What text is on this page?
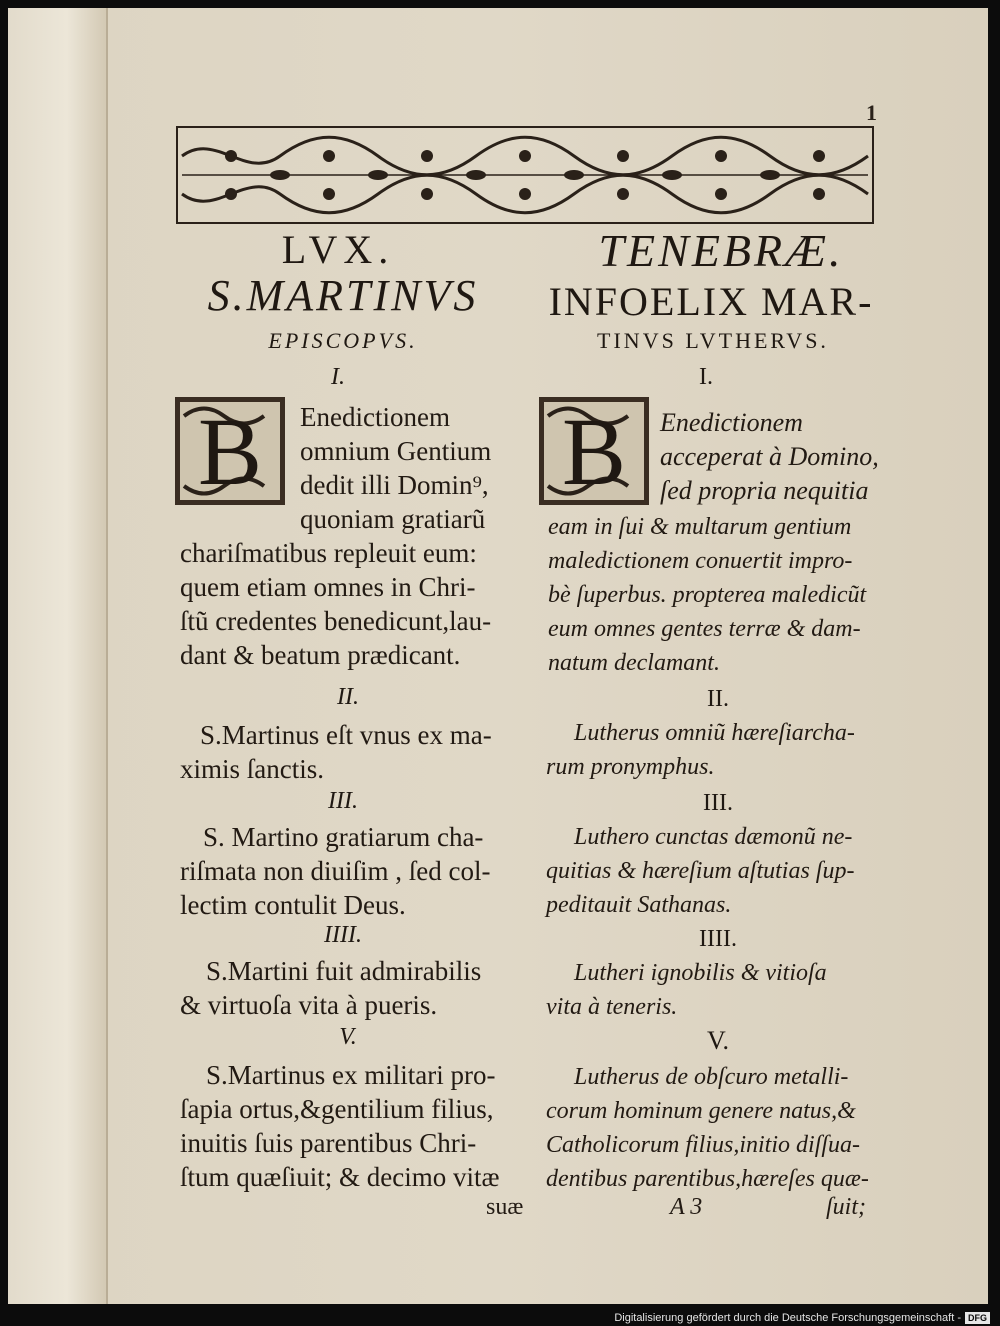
1
LVX.
S.MARTINVS
EPISCOPVS.
I.
B Enedictionem
omnium Gentium
dedit illi Domin⁹,
quoniam gratiarũ
chariſmatibus repleuit eum:
quem etiam omnes in Chri-
ſtũ credentes benedicunt,lau-
dant & beatum prædicant.
II.
S.Martinus eſt vnus ex ma-
ximis ſanctis.
III.
S. Martino gratiarum cha-
riſmata non diuiſim , ſed col-
lectim contulit Deus.
IIII.
S.Martini fuit admirabilis
& virtuoſa vita à pueris.
V.
S.Martinus ex militari pro-
ſapia ortus,&gentilium filius,
inuitis ſuis parentibus Chri-
ſtum quæſiuit; & decimo vitæ
suæ
TENEBRÆ.
INFOELIX MAR-
TINVS LVTHERVS.
I.
B Enedictionem
acceperat à Domino,
ſed propria nequitia
eam in ſui & multarum gentium
maledictionem conuertit impro-
bè ſuperbus. propterea maledicũt
eum omnes gentes terræ & dam-
natum declamant.
II.
Lutherus omniũ hæreſiarcha-
rum pronymphus.
III.
Luthero cunctas dæmonũ ne-
quitias & hæreſium aſtutias ſup-
peditauit Sathanas.
IIII.
Lutheri ignobilis & vitioſa
vita à teneris.
V.
Lutherus de obſcuro metalli-
corum hominum genere natus,&
Catholicorum filius,initio diſſua-
dentibus parentibus,hæreſes quæ-
A 3	ſuit;
Digitalisierung gefördert durch die Deutsche Forschungsgemeinschaft - DFG
